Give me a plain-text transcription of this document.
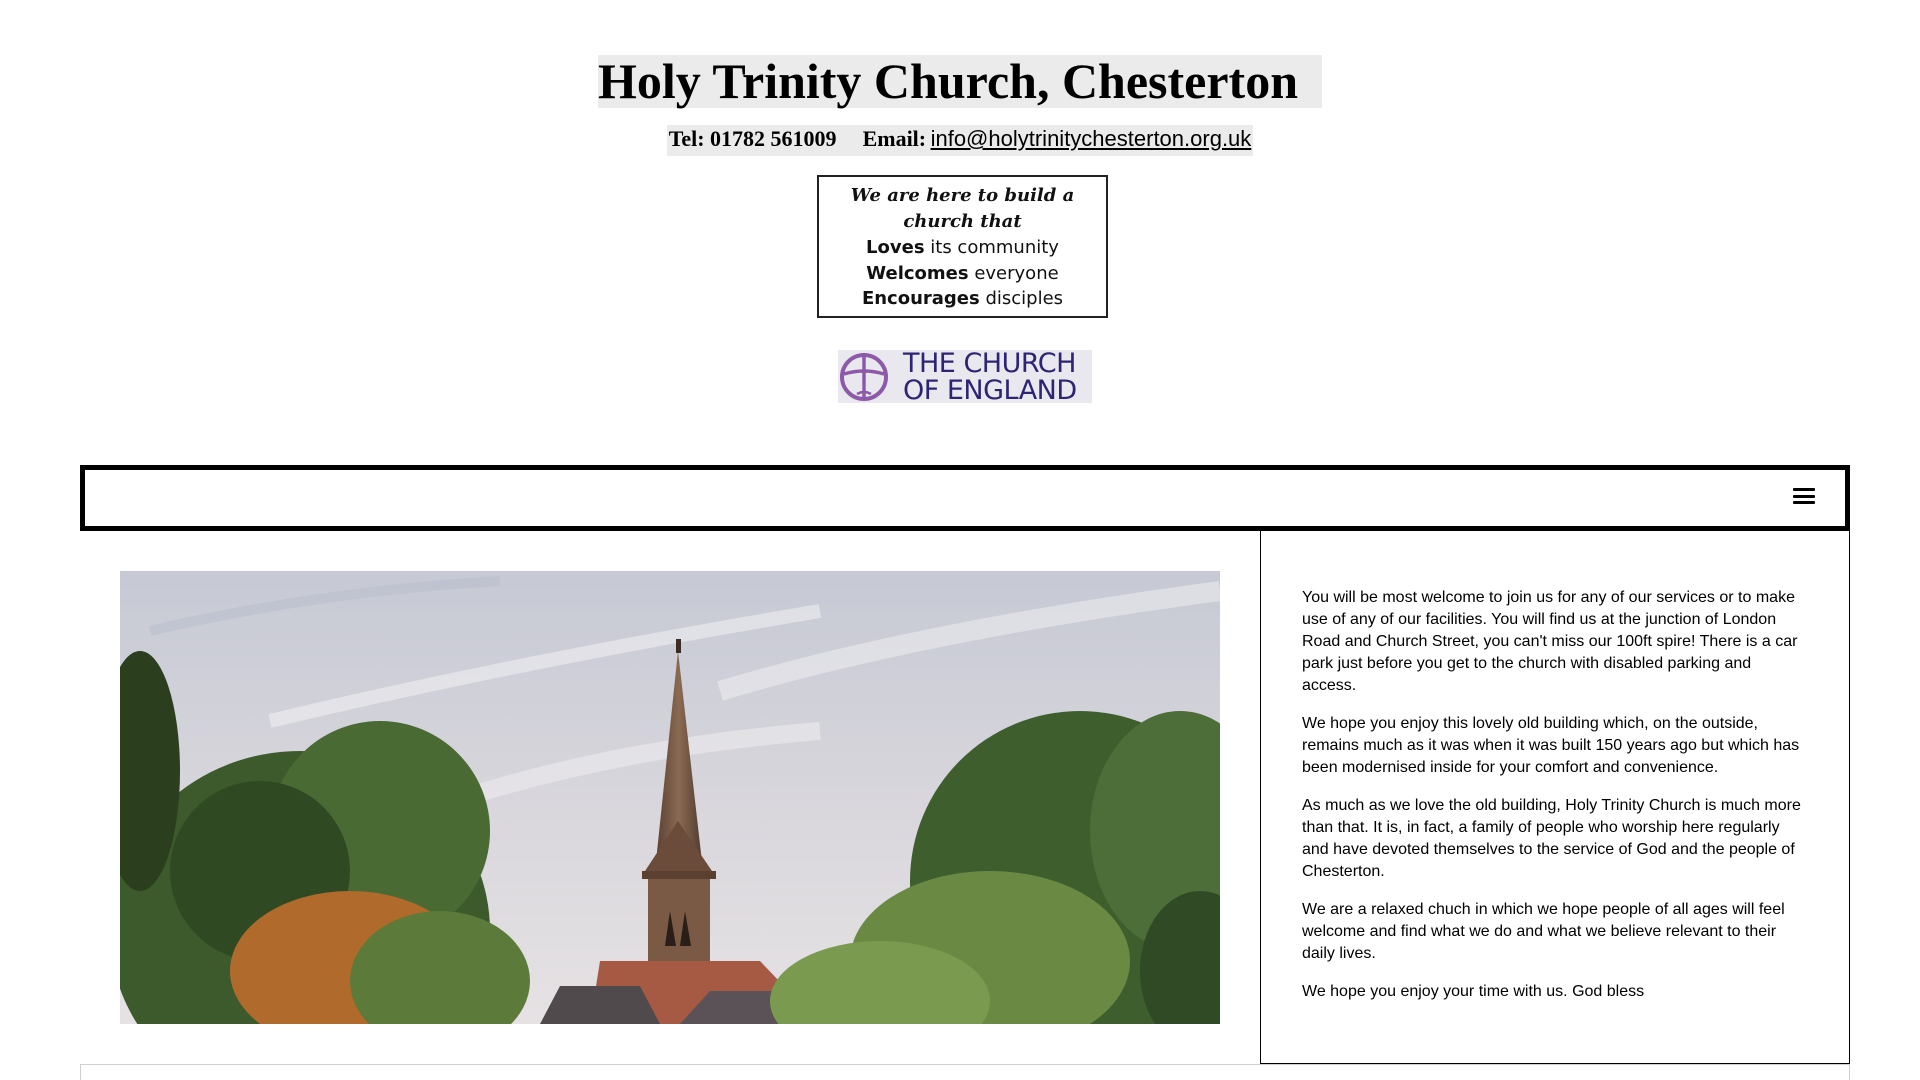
Holy Trinity Church, Chesterton
Tel: 01782 561009 Email: info@holytrinitychesterton.org.uk
We are here to build a church that
Loves its community
Welcomes everyone
Encourages disciples
THE CHURCH
OF ENGLAND

You will be most welcome to join us for any of our services or to make use of any of our facilities. You will find us at the junction of London Road and Church Street, you can't miss our 100ft spire! There is a car park just before you get to the church with disabled parking and access.

We hope you enjoy this lovely old building which, on the outside, remains much as it was when it was built 150 years ago but which has been modernised inside for your comfort and convenience.

As much as we love the old building, Holy Trinity Church is much more than that. It is, in fact, a family of people who worship here regularly and have devoted themselves to the service of God and the people of Chesterton.

We are a relaxed chuch in which we hope people of all ages will feel welcome and find what we do and what we believe relevant to their daily lives.

We hope you enjoy your time with us. God bless
